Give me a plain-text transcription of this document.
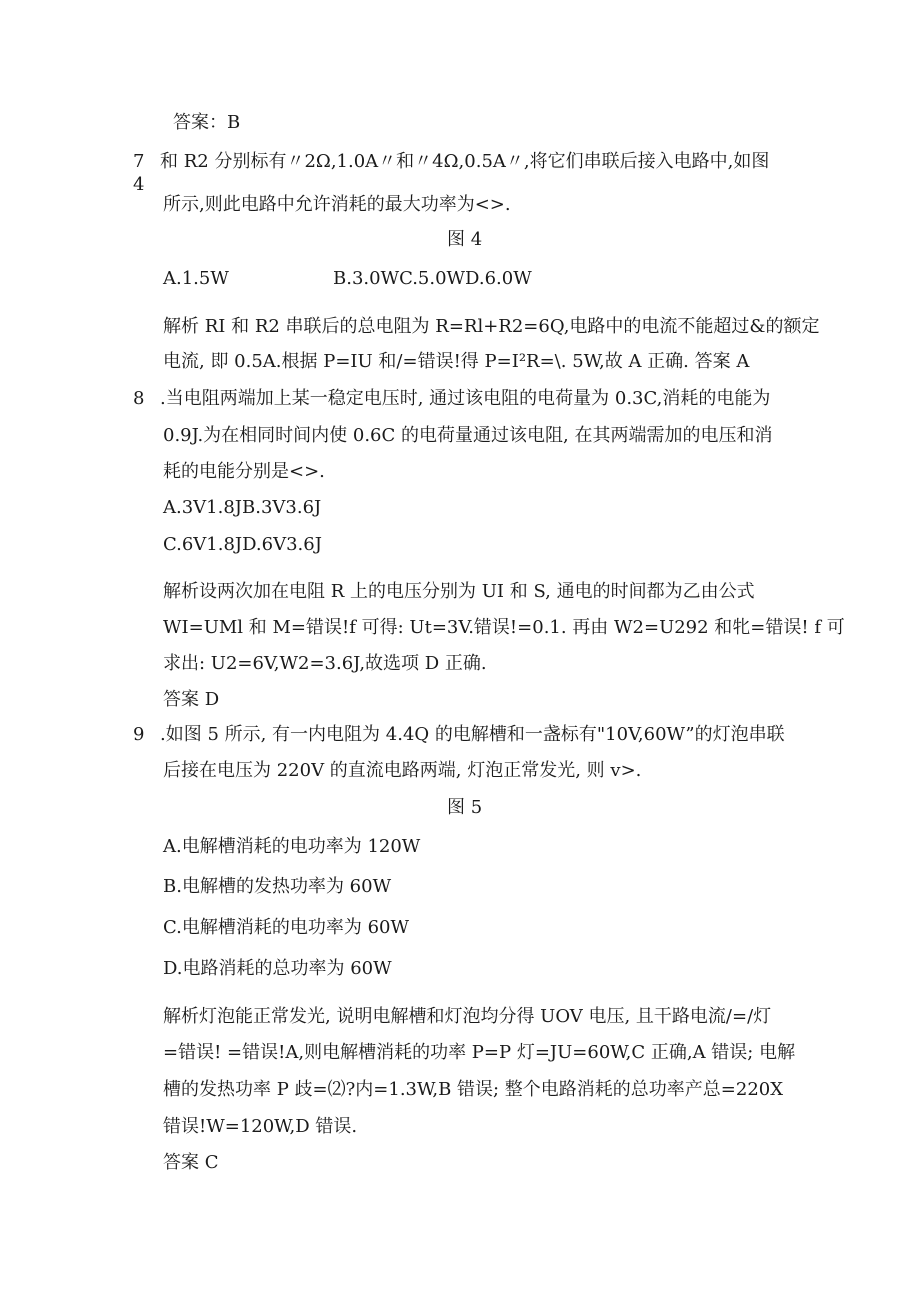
答案：B
7
4
和 R2 分别标有〃2Ω,1.0A〃和〃4Ω,0.5A〃,将它们串联后接入电路中,如图
所示,则此电路中允许消耗的最大功率为<>.
图 4
A.1.5W	B.3.0WC.5.0WD.6.0W
解析 RI 和 R2 串联后的总电阻为 R=Rl+R2=6Q,电路中的电流不能超过&的额定
电流, 即 0.5A.根据 P=IU 和/=错误!得 P=I²R=\. 5W,故 A 正确. 答案 A
8 .当电阻两端加上某一稳定电压时, 通过该电阻的电荷量为 0.3C,消耗的电能为
0.9J.为在相同时间内使 0.6C 的电荷量通过该电阻, 在其两端需加的电压和消
耗的电能分别是<>.
A.3V1.8JB.3V3.6J
C.6V1.8JD.6V3.6J
解析设两次加在电阻 R 上的电压分别为 UI 和 S, 通电的时间都为乙由公式
WI=UMl 和 M=错误!f 可得: Ut=3V.错误!=0.1. 再由 W2=U292 和牝=错误! f 可
求出: U2=6V,W2=3.6J,故选项 D 正确.
答案 D
9 .如图 5 所示, 有一内电阻为 4.4Q 的电解槽和一盏标有"10V,60W”的灯泡串联
后接在电压为 220V 的直流电路两端, 灯泡正常发光, 则 v>.
图 5
A.电解槽消耗的电功率为 120W
B.电解槽的发热功率为 60W
C.电解槽消耗的电功率为 60W
D.电路消耗的总功率为 60W
解析灯泡能正常发光, 说明电解槽和灯泡均分得 UOV 电压, 且干路电流/=/灯
=错误! =错误!A,则电解槽消耗的功率 P=P 灯=JU=60W,C 正确,A 错误; 电解
槽的发热功率 P 歧=⑵?内=1.3W,B 错误; 整个电路消耗的总功率产总=220X
错误!W=120W,D 错误.
答案 C
